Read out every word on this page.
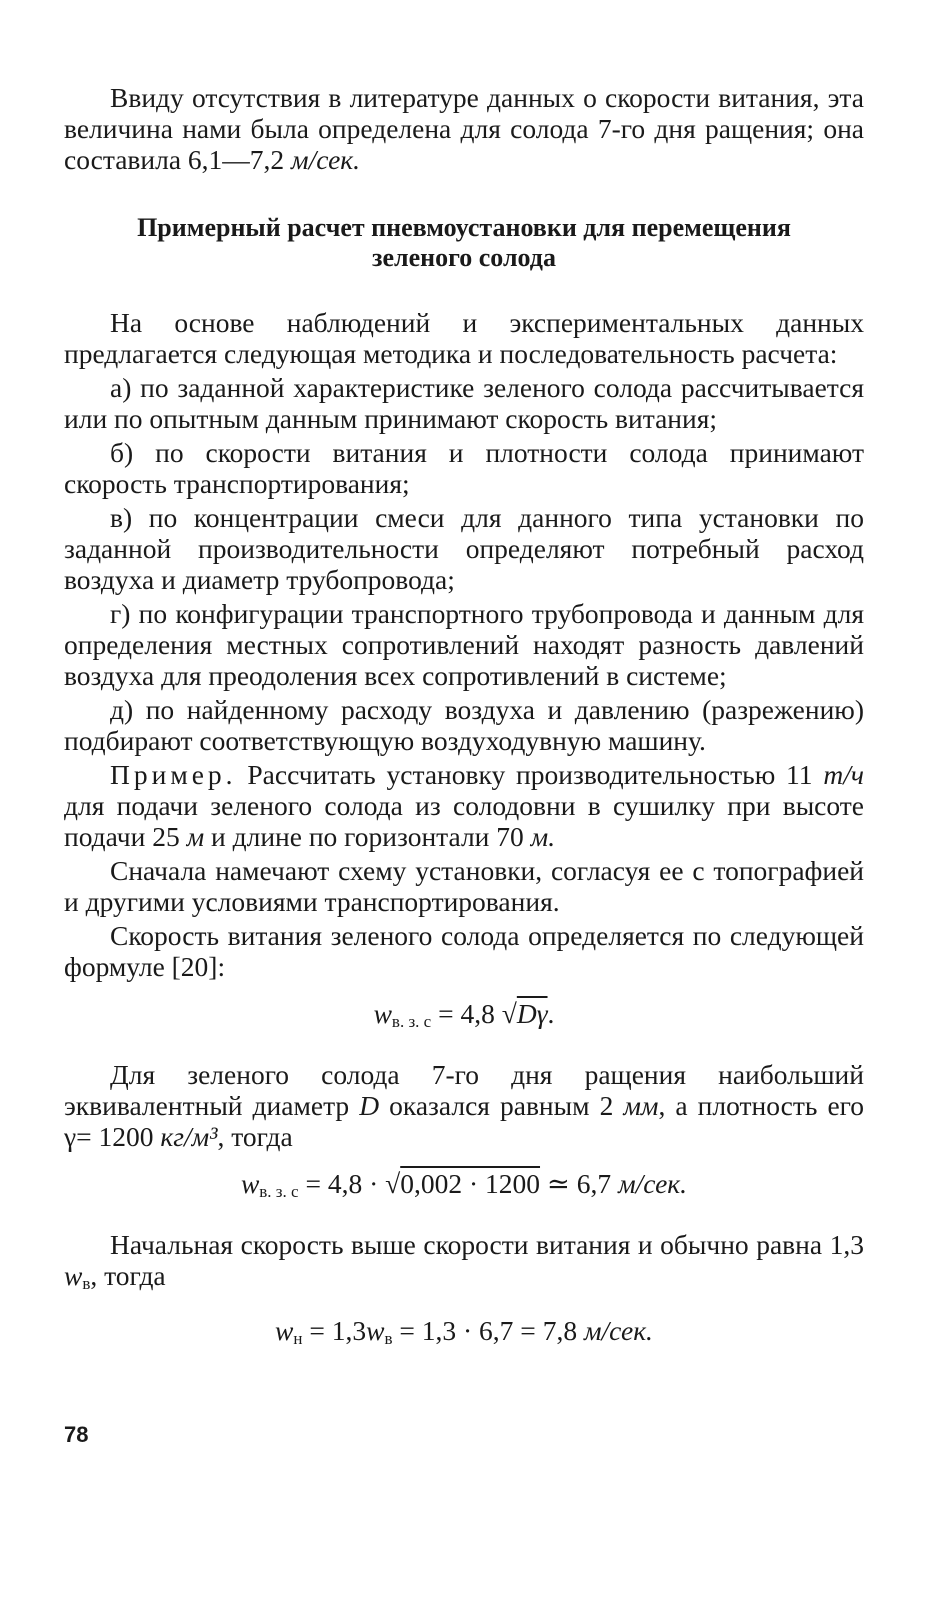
Ввиду отсутствия в литературе данных о скорости витания, эта величина нами была определена для солода 7-го дня ращения; она составила 6,1—7,2 м/сек.

Примерный расчет пневмоустановки для перемещения
зеленого солода

На основе наблюдений и экспериментальных данных предлагается следующая методика и последовательность расчета:

а) по заданной характеристике зеленого солода рассчитывается или по опытным данным принимают скорость витания;

б) по скорости витания и плотности солода принимают скорость транспортирования;

в) по концентрации смеси для данного типа установки по заданной производительности определяют потребный расход воздуха и диаметр трубопровода;

г) по конфигурации транспортного трубопровода и данным для определения местных сопротивлений находят разность давлений воздуха для преодоления всех сопротивлений в системе;

д) по найденному расходу воздуха и давлению (разрежению) подбирают соответствующую воздуходувную машину.

Пример. Рассчитать установку производительностью 11 т/ч для подачи зеленого солода из солодовни в сушилку при высоте подачи 25 м и длине по горизонтали 70 м.

Сначала намечают схему установки, согласуя ее с топографией и другими условиями транспортирования.

Скорость витания зеленого солода определяется по следующей формуле [20]:

$w_{в. з. с} = 4,8$ √Dγ.

Для зеленого солода 7-го дня ращения наибольший эквивалентный диаметр D оказался равным 2 мм, а плотность его γ= 1200 кг/м³, тогда

$w_{в. з. с} = 4,8 \cdot √0,002 \cdot 1200$ ≃ 6,7 м/сек.

Начальная скорость выше скорости витания и обычно равна 1,3 $w_в$, тогда

$w_н = 1,3w_в = 1,3 \cdot 6,7 = 7,8$ м/сек.
78
